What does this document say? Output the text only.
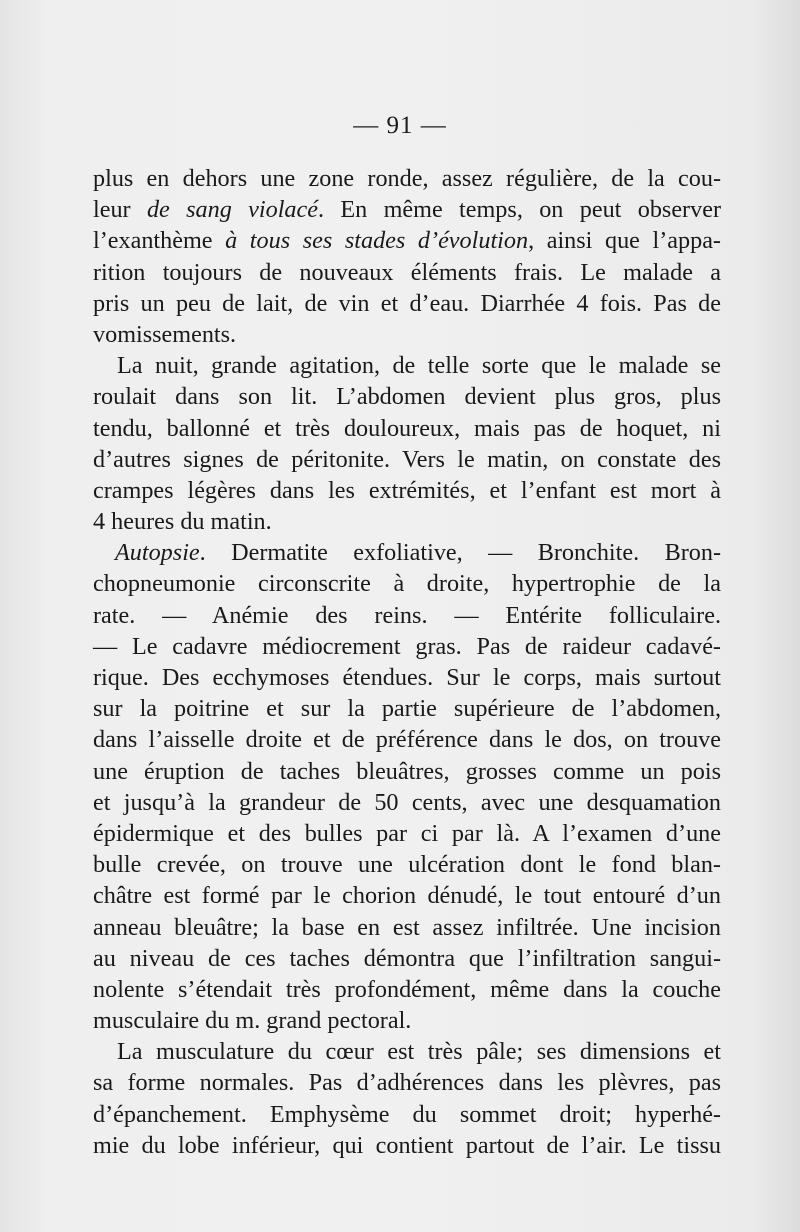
— 91 —
plus en dehors une zone ronde, assez régulière, de la cou-
leur de sang violacé. En même temps, on peut observer
l’exanthème à tous ses stades d’évolution, ainsi que l’appa-
rition toujours de nouveaux éléments frais. Le malade a
pris un peu de lait, de vin et d’eau. Diarrhée 4 fois. Pas de
vomissements.
La nuit, grande agitation, de telle sorte que le malade se
roulait dans son lit. L’abdomen devient plus gros, plus
tendu, ballonné et très douloureux, mais pas de hoquet, ni
d’autres signes de péritonite. Vers le matin, on constate des
crampes légères dans les extrémités, et l’enfant est mort à
4 heures du matin.
Autopsie. Dermatite exfoliative, — Bronchite. Bron-
chopneumonie circonscrite à droite, hypertrophie de la
rate. — Anémie des reins. — Entérite folliculaire.
— Le cadavre médiocrement gras. Pas de raideur cadavé-
rique. Des ecchymoses étendues. Sur le corps, mais surtout
sur la poitrine et sur la partie supérieure de l’abdomen,
dans l’aisselle droite et de préférence dans le dos, on trouve
une éruption de taches bleuâtres, grosses comme un pois
et jusqu’à la grandeur de 50 cents, avec une desquamation
épidermique et des bulles par ci par là. A l’examen d’une
bulle crevée, on trouve une ulcération dont le fond blan-
châtre est formé par le chorion dénudé, le tout entouré d’un
anneau bleuâtre; la base en est assez infiltrée. Une incision
au niveau de ces taches démontra que l’infiltration sangui-
nolente s’étendait très profondément, même dans la couche
musculaire du m. grand pectoral.
La musculature du cœur est très pâle; ses dimensions et
sa forme normales. Pas d’adhérences dans les plèvres, pas
d’épanchement. Emphysème du sommet droit; hyperhé-
mie du lobe inférieur, qui contient partout de l’air. Le tissu
